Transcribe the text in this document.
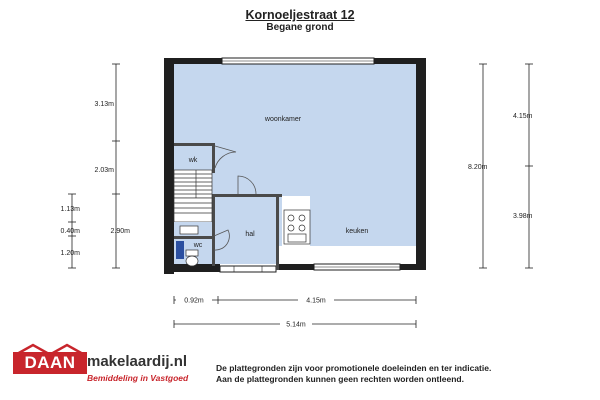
Kornoeljestraat 12
Begane grond
woonkamer
wk
hal
wc
keuken
3.13m
2.03m
2.90m
1.13m
0.40m
1.20m
8.20m
4.15m
3.98m
0.92m	4.15m
5.14m
DAAN makelaardij.nl
Bemiddeling in Vastgoed
De plattegronden zijn voor promotionele doeleinden en ter indicatie.
Aan de plattegronden kunnen geen rechten worden ontleend.
